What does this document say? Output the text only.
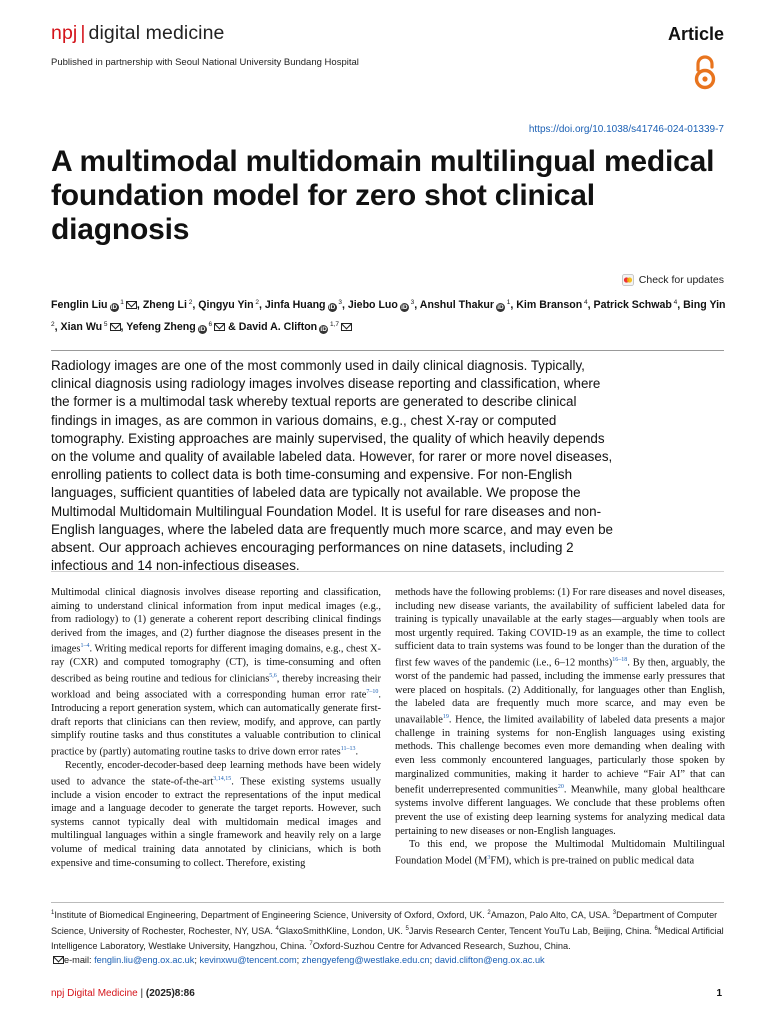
npj | digital medicine	Article
Published in partnership with Seoul National University Bundang Hospital
https://doi.org/10.1038/s41746-024-01339-7
A multimodal multidomain multilingual medical foundation model for zero shot clinical diagnosis
Check for updates

Fenglin Liu iD $^1$ , Zheng Li $^2$, Qingyu Yin $^2$, Jinfa Huang iD $^3$, Jiebo Luo iD $^3$, Anshul Thakur iD $^1$, Kim Branson $^4$, Patrick Schwab $^4$, Bing Yin $^2$, Xian Wu $^5$ , Yefeng Zheng iD $^6$ & David A. Clifton iD $^{1,7}$

Radiology images are one of the most commonly used in daily clinical diagnosis. Typically, clinical diagnosis using radiology images involves disease reporting and classification, where the former is a multimodal task whereby textual reports are generated to describe clinical findings in images, as are common in various domains, e.g., chest X-ray or computed tomography. Existing approaches are mainly supervised, the quality of which heavily depends on the volume and quality of available labeled data. However, for rarer or more novel diseases, enrolling patients to collect data is both time-consuming and expensive. For non-English languages, sufficient quantities of labeled data are typically not available. We propose the Multimodal Multidomain Multilingual Foundation Model. It is useful for rare diseases and non-English languages, where the labeled data are frequently much more scarce, and may even be absent. Our approach achieves encouraging performances on nine datasets, including 2 infectious and 14 non-infectious diseases.

Multimodal clinical diagnosis involves disease reporting and classification, aiming to understand clinical information from input medical images (e.g., from radiology) to (1) generate a coherent report describing clinical findings derived from the images, and (2) further diagnose the diseases present in the images$^{1-4}$. Writing medical reports for different imaging domains, e.g., chest X-ray (CXR) and computed tomography (CT), is time-consuming and often described as being routine and tedious for clinicians$^{5,6}$, thereby increasing their workload and being associated with a corresponding human error rate$^{7-10}$. Introducing a report generation system, which can automatically generate first-draft reports that clinicians can then review, modify, and approve, can partly simplify routine tasks and thus constitutes a valuable contribution to clinical practice by (partly) automating routine tasks to drive down error rates$^{11-13}$.

Recently, encoder-decoder-based deep learning methods have been widely used to advance the state-of-the-art$^{3,14,15}$. These existing systems usually include a vision encoder to extract the representations of the input medical image and a language decoder to generate the target reports. However, such systems cannot typically deal with multidomain medical images and multilingual languages within a single framework and heavily rely on a large volume of medical training data annotated by clinicians, which is both expensive and time-consuming to collect. Therefore, existing

methods have the following problems: (1) For rare diseases and novel diseases, including new disease variants, the availability of sufficient labeled data for training is typically unavailable at the early stages—arguably when tools are most urgently required. Taking COVID-19 as an example, the time to collect sufficient data to train systems was found to be longer than the duration of the first few waves of the pandemic (i.e., 6–12 months)$^{16-18}$. By then, arguably, the worst of the pandemic had passed, including the immense early pressures that were placed on hospitals. (2) Additionally, for languages other than English, the labeled data are frequently much more scarce, and may even be unavailable$^{19}$. Hence, the limited availability of labeled data presents a major challenge in training systems for non-English languages using existing methods. This challenge becomes even more demanding when dealing with even less commonly encountered languages, particularly those spoken by marginalized communities, making it harder to achieve “Fair AI” that can benefit underrepresented communities$^{20}$. Meanwhile, many global healthcare systems involve different languages. We conclude that these problems often prevent the use of existing deep learning systems for analyzing medical data pertaining to new diseases or non-English languages.

To this end, we propose the Multimodal Multidomain Multilingual Foundation Model $(M^3FM)$, which is pre-trained on public medical data

$^1$Institute of Biomedical Engineering, Department of Engineering Science, University of Oxford, Oxford, UK. $^2$Amazon, Palo Alto, CA, USA. $^3$Department of Computer Science, University of Rochester, Rochester, NY, USA. $^4$GlaxoSmithKline, London, UK. $^5$Jarvis Research Center, Tencent YouTu Lab, Beijing, China. $^6$Medical Artificial Intelligence Laboratory, Westlake University, Hangzhou, China. $^7$Oxford-Suzhou Centre for Advanced Research, Suzhou, China.
e-mail: fenglin.liu@eng.ox.ac.uk; kevinxwu@tencent.com; zhengyefeng@westlake.edu.cn; david.clifton@eng.ox.ac.uk
npj Digital Medicine | (2025)8:86	1
